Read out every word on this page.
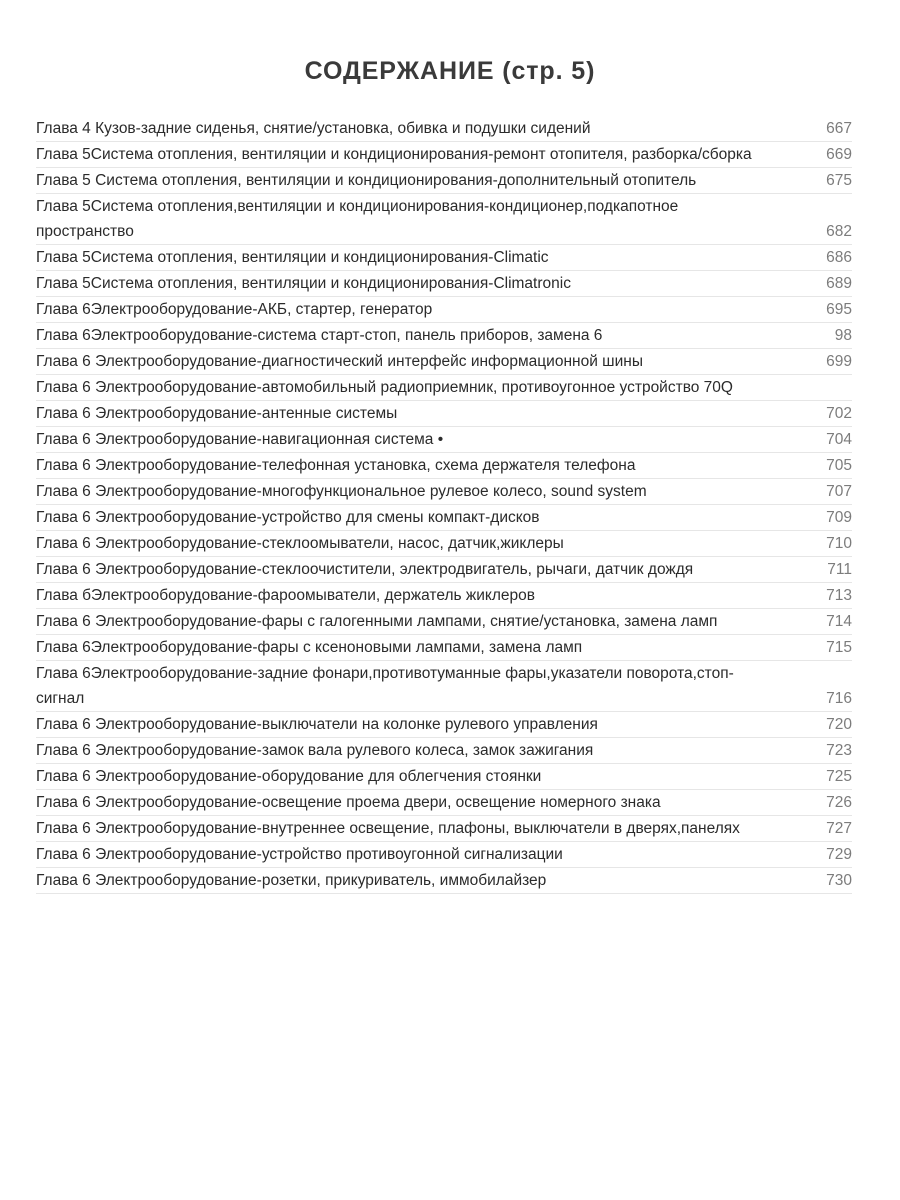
СОДЕРЖАНИЕ (стр. 5)
Глава 4 Кузов-задние сиденья, снятие/установка, обивка и подушки сидений	667
Глава 5Система отопления, вентиляции и кондиционирования-ремонт отопителя, разборка/сборка	669
Глава 5 Система отопления, вентиляции и кондиционирования-дополнительный отопитель	675
Глава 5Система отопления,вентиляции и кондиционирования-кондиционер,подкапотное пространство	682
Глава 5Система отопления, вентиляции и кондиционирования-Climatic	686
Глава 5Система отопления, вентиляции и кондиционирования-Climatronic	689
Глава 6Электрооборудование-АКБ, стартер, генератор	695
Глава 6Электрооборудование-система старт-стоп, панель приборов, замена 6	98
Глава 6 Электрооборудование-диагностический интерфейс информационной шины	699
Глава 6 Электрооборудование-автомобильный радиоприемник, противоугонное устройство 70Q	
Глава 6 Электрооборудование-антенные системы	702
Глава 6 Электрооборудование-навигационная система •	704
Глава 6 Электрооборудование-телефонная установка, схема держателя телефона	705
Глава 6 Электрооборудование-многофункциональное рулевое колесо, sound system	707
Глава 6 Электрооборудование-устройство для смены компакт-дисков	709
Глава 6 Электрооборудование-стеклоомыватели, насос, датчик,жиклеры	710
Глава 6 Электрооборудование-стеклоочистители, электродвигатель, рычаги, датчик дождя	711
Глава бЭлектрооборудование-фароомыватели, держатель жиклеров	713
Глава 6 Электрооборудование-фары с галогенными лампами, снятие/установка, замена ламп	714
Глава 6Электрооборудование-фары с ксеноновыми лампами, замена ламп	715
Глава 6Электрооборудование-задние фонари,противотуманные фары,указатели поворота,стоп-сигнал	716
Глава 6 Электрооборудование-выключатели на колонке рулевого управления	720
Глава 6 Электрооборудование-замок вала рулевого колеса, замок зажигания	723
Глава 6 Электрооборудование-оборудование для облегчения стоянки	725
Глава 6 Электрооборудование-освещение проема двери, освещение номерного знака	726
Глава 6 Электрооборудование-внутреннее освещение, плафоны, выключатели в дверях,панелях	727
Глава 6 Электрооборудование-устройство противоугонной сигнализации	729
Глава 6 Электрооборудование-розетки, прикуриватель, иммобилайзер	730
